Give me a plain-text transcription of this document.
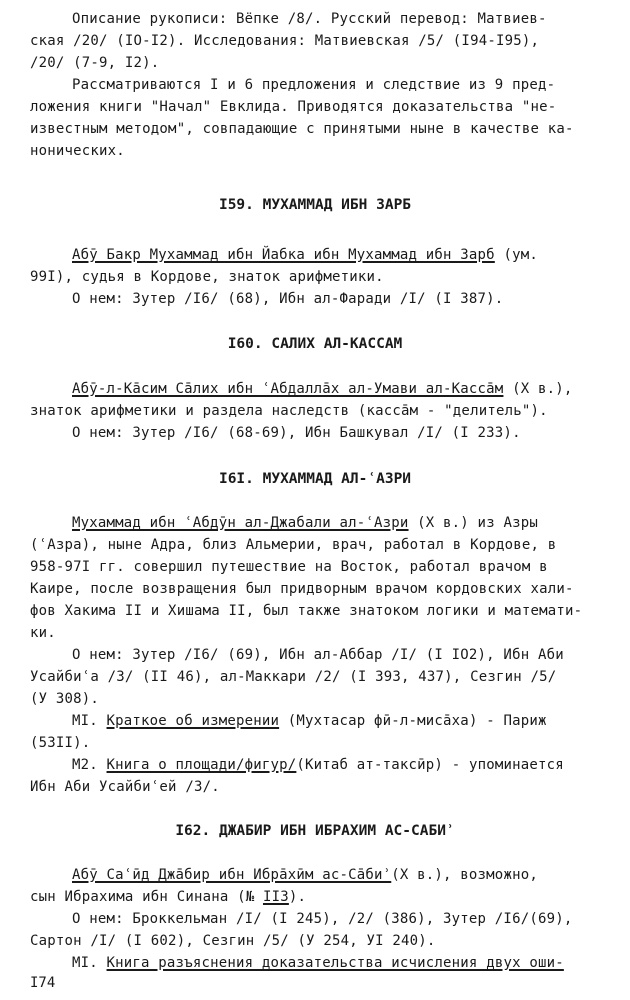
Описание рукописи: Вёпке /8/. Русский перевод: Матвиев-
ская /20/ (IO-I2). Исследования: Матвиевская /5/ (I94-I95),
/20/ (7-9, I2).
Рассматриваются I и 6 предложения и следствие из 9 пред-
ложения книги "Начал" Евклида. Приводятся доказательства "не-
известным методом", совпадающие с принятыми ныне в качестве ка-
нонических.
I59. МУХАММАД ИБН ЗАРБ
Абӯ Бакр Мухаммад ибн Йабка ибн Мухаммад ибн Зарб (ум.
99I), судья в Кордове, знаток арифметики.
О нем: Зутер /I6/ (68), Ибн ал-Фаради /I/ (I 387).
I60. САЛИХ АЛ-КАССАМ
Абӯ-л-Ка̄сим Са̄лих ибн ʿАбдалла̄х ал-Умави ал-Касса̄м (X в.),
знаток арифметики и раздела наследств (касса̄м - "делитель").
О нем: Зутер /I6/ (68-69), Ибн Башкувал /I/ (I 233).
I6I. МУХАММАД АЛ-ʿАЗРИ
Мухаммад ибн ʿАбдӯн ал-Джабали ал-ʿАзри (X в.) из Азры
(ʿАзра), ныне Адра, близ Альмерии, врач, работал в Кордове, в
958-97I гг. совершил путешествие на Восток, работал врачом в
Каире, после возвращения был придворным врачом кордовских хали-
фов Хакима II и Хишама II, был также знатоком логики и математи-
ки.
О нем: Зутер /I6/ (69), Ибн ал-Аббар /I/ (I IO2), Ибн Аби
Усайбиʿа /3/ (II 46), ал-Маккари /2/ (I 393, 437), Сезгин /5/
(У 308).
МI. Краткое об измерении (Мухтасар фӣ-л-миса̄ха) - Париж
(53II).
М2. Книга о площади/фигур/(Китаб ат-таксӣр) - упоминается
Ибн Аби Усайбиʿей /3/.
I62. ДЖАБИР ИБН ИБРАХИМ АС-САБИʾ
Абӯ Саʿӣд Джа̄бир ибн Ибра̄хӣм ас-Са̄биʾ(X в.), возможно,
сын Ибрахима ибн Синана (№ II3).
О нем: Броккельман /I/ (I 245), /2/ (386), Зутер /I6/(69),
Сартон /I/ (I 602), Сезгин /5/ (У 254, УI 240).
МI. Книга разъяснения доказательства исчисления двух оши-
I74
